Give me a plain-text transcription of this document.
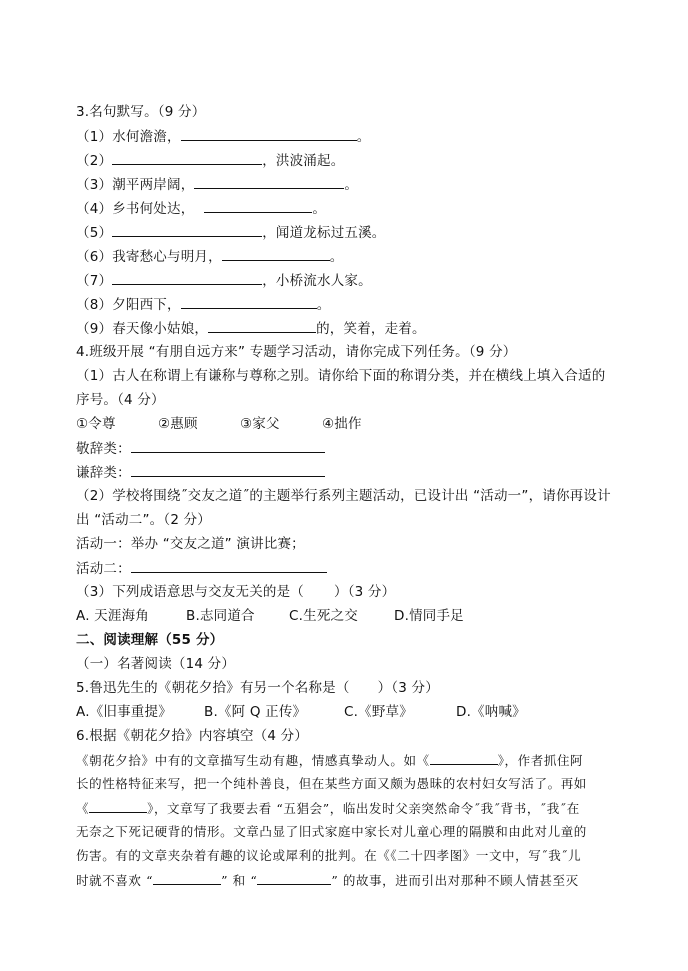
3.名句默写。（9 分）
（1）水何澹澹，	。
（2）	，洪波涌起。
（3）潮平两岸阔，	。
（4）乡书何处达，	。
（5）	，闻道龙标过五溪。
（6）我寄愁心与明月，	。
（7）	，小桥流水人家。
（8）夕阳西下，	。
（9）春天像小姑娘，	的，笑着，走着。
4.班级开展 “有朋自远方来” 专题学习活动，请你完成下列任务。（9 分）
（1）古人在称谓上有谦称与尊称之别。请你给下面的称谓分类，并在横线上填入合适的
序号。（4 分）
①令尊	②惠顾	③家父	④拙作
敬辞类：
谦辞类：
（2）学校将围绕˝交友之道˝的主题举行系列主题活动，已设计出 “活动一”，请你再设计
出 “活动二”。（2 分）
活动一：举办 “交友之道” 演讲比赛；
活动二：
（3）下列成语意思与交友无关的是（ ）（3 分）
A. 天涯海角	B.志同道合	C.生死之交	D.情同手足
二、阅读理解（55 分）
（一）名著阅读（14 分）
5.鲁迅先生的《朝花夕拾》有另一个名称是（ ）（3 分）
A.《旧事重提》 B.《阿 Q 正传》	C.《野草》	D.《呐喊》
6.根据《朝花夕拾》内容填空（4 分）
《朝花夕拾》中有的文章描写生动有趣，情感真挚动人。如《	》，作者抓住阿
长的性格特征来写，把一个纯朴善良，但在某些方面又颇为愚昧的农村妇女写活了。再如
《	》，文章写了我要去看 “五猖会”，临出发时父亲突然命令˝我˝背书，˝我˝在
无奈之下死记硬背的情形。文章凸显了旧式家庭中家长对儿童心理的隔膜和由此对儿童的
伤害。有的文章夹杂着有趣的议论或犀利的批判。在《《二十四孝图》一文中，写˝我˝儿
时就不喜欢 “	” 和 “	” 的故事，进而引出对那种不顾人情甚至灭
